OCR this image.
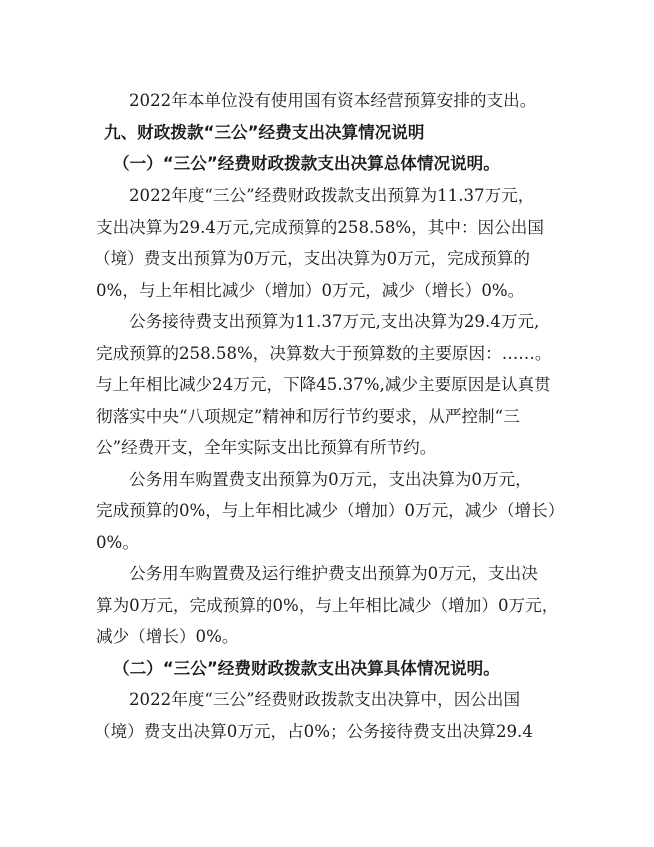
2022年本单位没有使用国有资本经营预算安排的支出。
九、财政拨款“三公”经费支出决算情况说明
（一）“三公”经费财政拨款支出决算总体情况说明。
2022年度“三公”经费财政拨款支出预算为11.37万元，
支出决算为29.4万元,完成预算的258.58%，其中：因公出国
（境）费支出预算为0万元，支出决算为0万元，完成预算的
0%，与上年相比减少（增加）0万元，减少（增长）0%。
公务接待费支出预算为11.37万元,支出决算为29.4万元,
完成预算的258.58%，决算数大于预算数的主要原因：……。
与上年相比减少24万元，下降45.37%,减少主要原因是认真贯
彻落实中央“八项规定”精神和厉行节约要求，从严控制“三
公”经费开支，全年实际支出比预算有所节约。
公务用车购置费支出预算为0万元，支出决算为0万元，
完成预算的0%，与上年相比减少（增加）0万元，减少（增长）
0%。
公务用车购置费及运行维护费支出预算为0万元，支出决
算为0万元，完成预算的0%，与上年相比减少（增加）0万元，
减少（增长）0%。
（二）“三公”经费财政拨款支出决算具体情况说明。
2022年度“三公”经费财政拨款支出决算中，因公出国
（境）费支出决算0万元，占0%；公务接待费支出决算29.4
